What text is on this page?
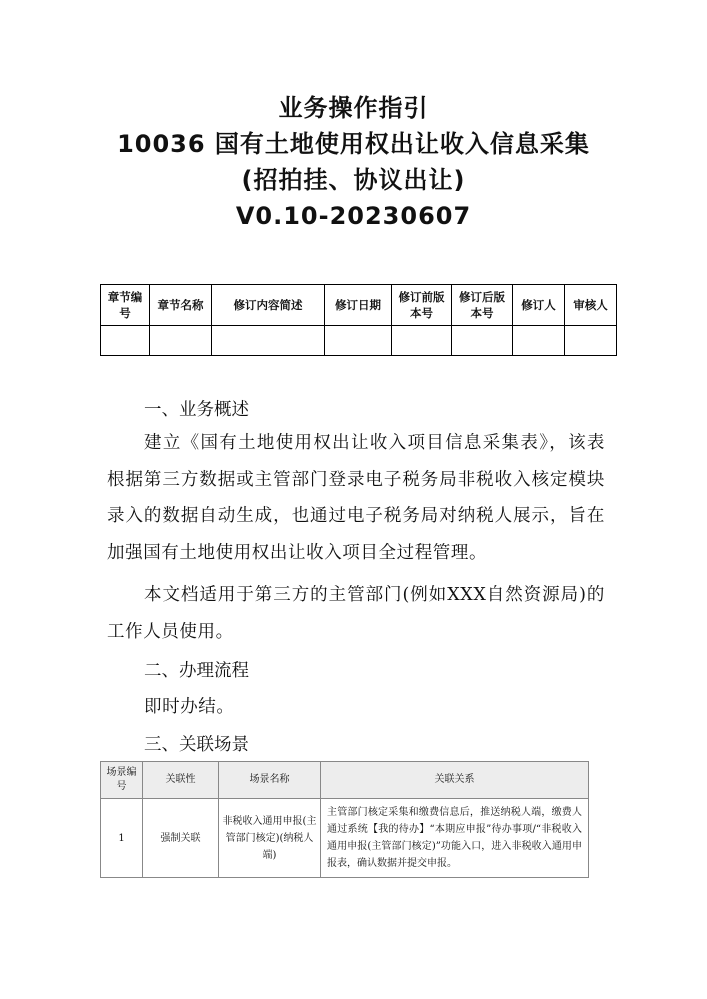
业务操作指引
10036 国有土地使用权出让收入信息采集
(招拍挂、协议出让)
V0.10-20230607
章节编号	章节名称	修订内容简述	修订日期	修订前版本号	修订后版本号	修订人	审核人

一、业务概述
建立《国有土地使用权出让收入项目信息采集表》，该表根据第三方数据或主管部门登录电子税务局非税收入核定模块录入的数据自动生成，也通过电子税务局对纳税人展示，旨在加强国有土地使用权出让收入项目全过程管理。
本文档适用于第三方的主管部门(例如XXX自然资源局)的工作人员使用。
二、办理流程
即时办结。
三、关联场景
场景编号	关联性	场景名称	关联关系
1	强制关联	非税收入通用申报(主管部门核定)(纳税人端)	主管部门核定采集和缴费信息后，推送纳税人端，缴费人通过系统【我的待办】“本期应申报”待办事项/“非税收入通用申报(主管部门核定)”功能入口，进入非税收入通用申报表，确认数据并提交申报。
